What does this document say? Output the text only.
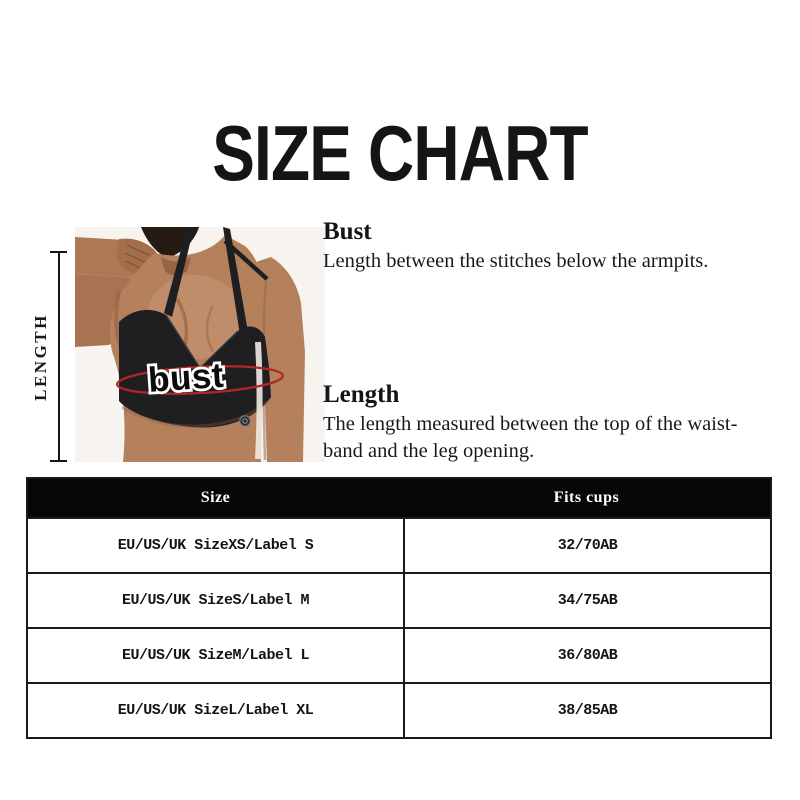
SIZE CHART
LENGTH	bust
Bust
Length between the stitches below the armpits.
Length
The length measured between the top of the waist-
band and the leg opening.
Size	Fits cups
EU/US/UK SizeXS/Label S	32/70AB
EU/US/UK SizeS/Label M	34/75AB
EU/US/UK SizeM/Label L	36/80AB
EU/US/UK SizeL/Label XL	38/85AB
